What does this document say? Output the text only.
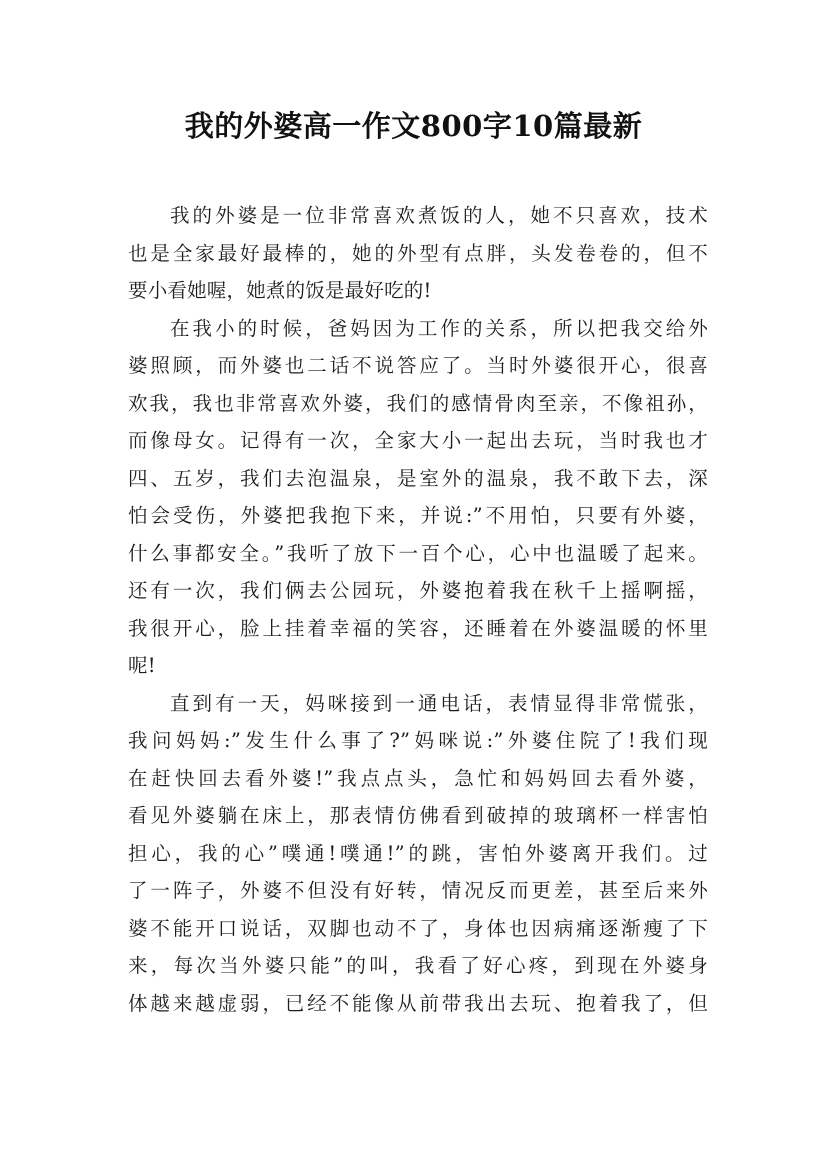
我的外婆高一作文800字10篇最新
我的外婆是一位非常喜欢煮饭的人，她不只喜欢，技术
也是全家最好最棒的，她的外型有点胖，头发卷卷的，但不
要小看她喔，她煮的饭是最好吃的!
在我小的时候，爸妈因为工作的关系，所以把我交给外
婆照顾，而外婆也二话不说答应了。当时外婆很开心，很喜
欢我，我也非常喜欢外婆，我们的感情骨肉至亲，不像祖孙，
而像母女。记得有一次，全家大小一起出去玩，当时我也才
四、五岁，我们去泡温泉，是室外的温泉，我不敢下去，深
怕会受伤，外婆把我抱下来，并说:”不用怕，只要有外婆，
什么事都安全。”我听了放下一百个心，心中也温暖了起来。
还有一次，我们俩去公园玩，外婆抱着我在秋千上摇啊摇，
我很开心，脸上挂着幸福的笑容，还睡着在外婆温暖的怀里
呢!
直到有一天，妈咪接到一通电话，表情显得非常慌张，
我问妈妈:”发生什么事了?”妈咪说:”外婆住院了!我们现
在赶快回去看外婆!”我点点头，急忙和妈妈回去看外婆，
看见外婆躺在床上，那表情仿佛看到破掉的玻璃杯一样害怕
担心，我的心”噗通!噗通!”的跳，害怕外婆离开我们。过
了一阵子，外婆不但没有好转，情况反而更差，甚至后来外
婆不能开口说话，双脚也动不了，身体也因病痛逐渐瘦了下
来，每次当外婆只能”的叫，我看了好心疼，到现在外婆身
体越来越虚弱，已经不能像从前带我出去玩、抱着我了，但
